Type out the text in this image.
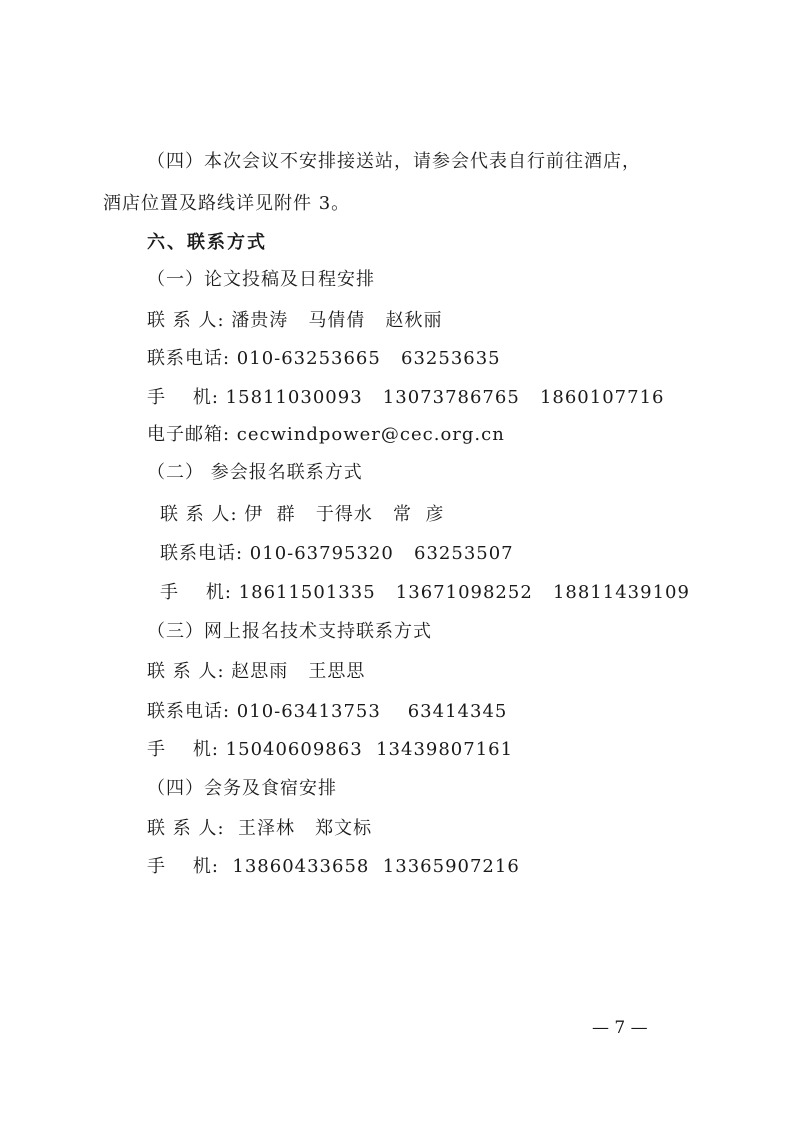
（四）本次会议不安排接送站，请参会代表自行前往酒店，
酒店位置及路线详见附件 3。
六、联系方式
（一）论文投稿及日程安排
联 系 人: 潘贵涛   马倩倩   赵秋丽
联系电话: 010-63253665   63253635
手    机: 15811030093   13073786765   1860107716
电子邮箱: cecwindpower@cec.org.cn
（二） 参会报名联系方式
联 系 人: 伊  群   于得水   常  彦
联系电话: 010-63795320   63253507
手    机: 18611501335   13671098252   18811439109
（三）网上报名技术支持联系方式
联 系 人: 赵思雨   王思思
联系电话: 010-63413753    63414345
手    机: 15040609863  13439807161
（四）会务及食宿安排
联 系 人:  王泽林   郑文标
手    机:  13860433658  13365907216
— 7 —
